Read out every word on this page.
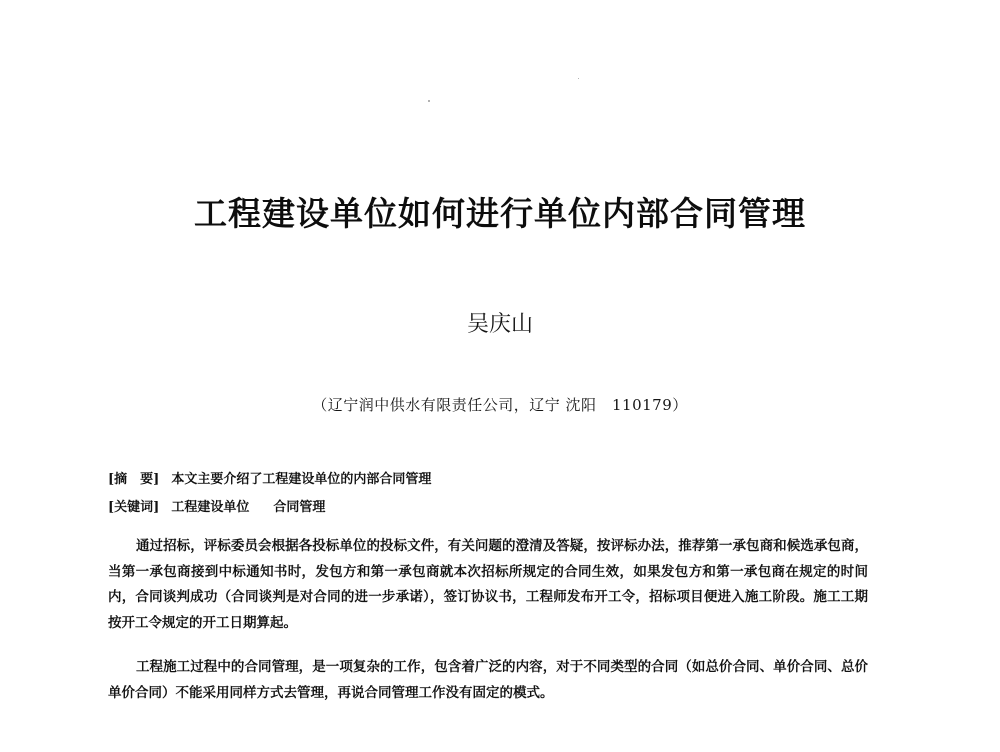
工程建设单位如何进行单位内部合同管理
吴庆山
（辽宁润中供水有限责任公司，辽宁 沈阳　110179）
[摘　要] 本文主要介绍了工程建设单位的内部合同管理
[关键词] 工程建设单位 合同管理

通过招标，评标委员会根据各投标单位的投标文件，有关问题的澄清及答疑，按评标办法，推荐第一承包商和候选承包商，当第一承包商接到中标通知书时，发包方和第一承包商就本次招标所规定的合同生效，如果发包方和第一承包商在规定的时间内，合同谈判成功（合同谈判是对合同的进一步承诺），签订协议书，工程师发布开工令，招标项目便进入施工阶段。施工工期按开工令规定的开工日期算起。

工程施工过程中的合同管理，是一项复杂的工作，包含着广泛的内容，对于不同类型的合同（如总价合同、单价合同、总价单价合同）不能采用同样方式去管理，再说合同管理工作没有固定的模式。
